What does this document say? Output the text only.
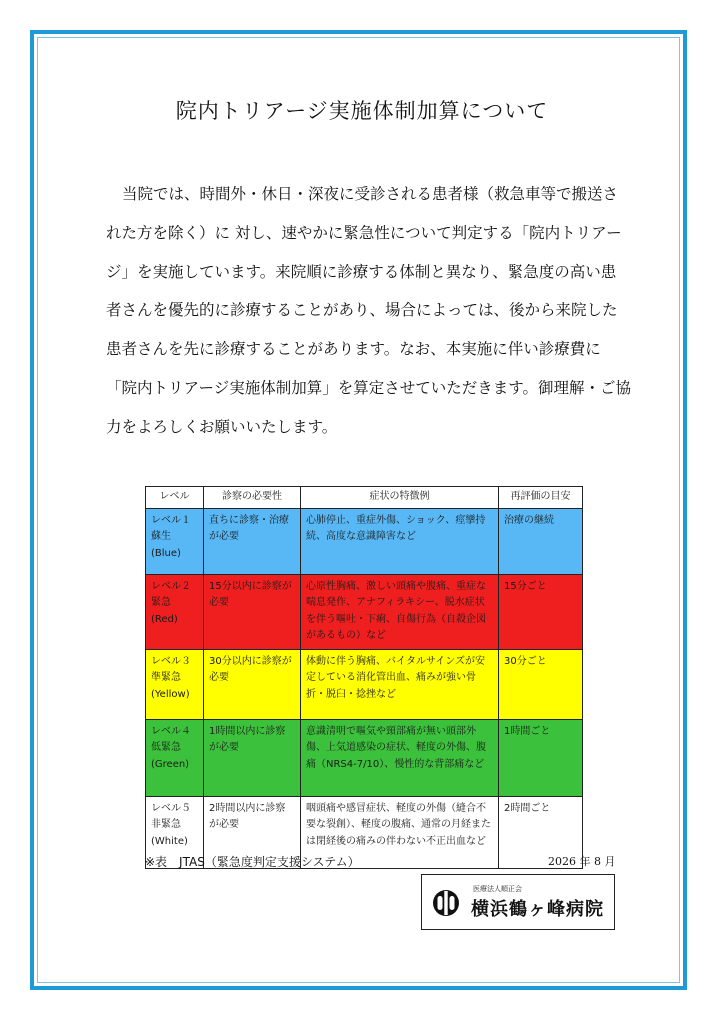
院内トリアージ実施体制加算について
当院では、時間外・休日・深夜に受診される患者様（救急車等で搬送さ
れた方を除く）に 対し、速やかに緊急性について判定する「院内トリアー
ジ」を実施しています。来院順に診療する体制と異なり、緊急度の高い患
者さんを優先的に診療することがあり、場合によっては、後から来院した
患者さんを先に診療することがあります。なお、本実施に伴い診療費に
「院内トリアージ実施体制加算」を算定させていただきます。御理解・ご協
力をよろしくお願いいたします。
レベル	診察の必要性	症状の特徴例	再評価の目安

レベル１
蘇生
(Blue)	直ちに診察・治療が必要	心肺停止、重症外傷、ショック、痙攣持続、高度な意識障害など	治療の継続

レベル２
緊急
(Red)	15分以内に診察が必要	心原性胸痛、激しい頭痛や腹痛、重症な喘息発作、アナフィラキシー、脱水症状を伴う嘔吐・下痢、自傷行為（自殺企図があるもの）など	15分ごと

レベル３
準緊急
(Yellow)	30分以内に診察が必要	体動に伴う胸痛、バイタルサインズが安定している消化管出血、痛みが強い骨折・脱臼・捻挫など	30分ごと

レベル４
低緊急
(Green)	1時間以内に診察が必要	意識清明で嘔気や頸部痛が無い頭部外傷、上気道感染の症状、軽度の外傷、腹痛（NRS4-7/10）、慢性的な背部痛など	1時間ごと

レベル５
非緊急
(White)	2時間以内に診察が必要	咽頭痛や感冒症状、軽度の外傷（縫合不要な裂創）、軽度の腹痛、通常の月経または閉経後の痛みの伴わない不正出血など	2時間ごと
※表　JTAS（緊急度判定支援システム）	2026 年 8 月
医療法人順正会
横浜鶴ヶ峰病院
